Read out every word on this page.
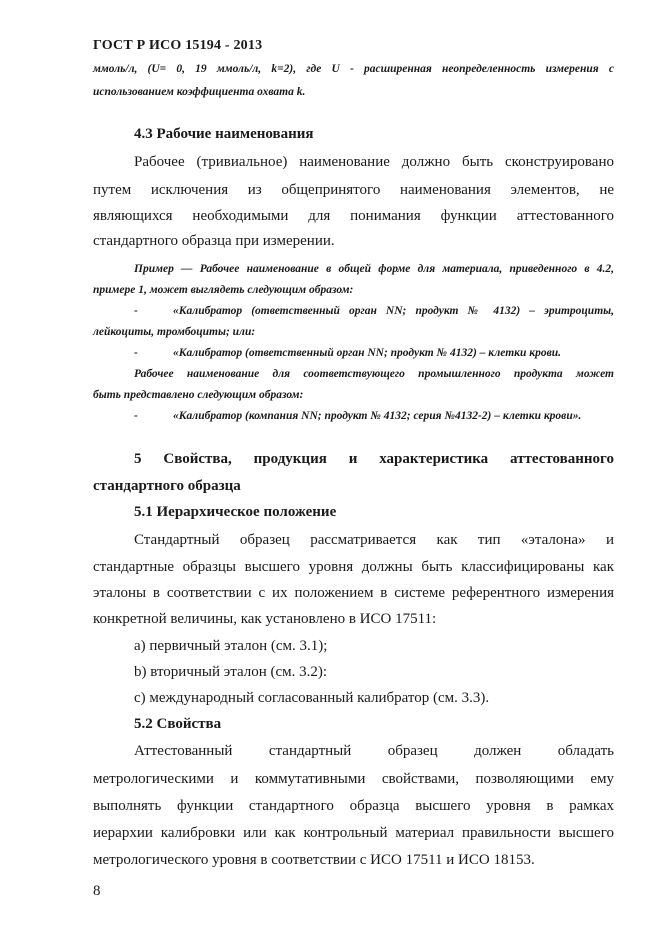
ГОСТ Р ИСО 15194 - 2013
ммоль/л, (U= 0, 19 ммоль/л, k=2), где U - расширенная неопределенность измерения с
использованием коэффициента охвата k.
4.3 Рабочие наименования
Рабочее (тривиальное) наименование должно быть сконструировано
путем исключения из общепринятого наименования элементов, не
являющихся необходимыми для понимания функции аттестованного
стандартного образца при измерении.
Пример — Рабочее наименование в общей форме для материала, приведенного в 4.2,
примере 1, может выглядеть следующим образом:
-	«Калибратор (ответственный орган NN; продукт № 4132) – эритроциты,
лейкоциты, тромбоциты; или:
-	«Калибратор (ответственный орган NN; продукт № 4132) – клетки крови.
Рабочее наименование для соответствующего промышленного продукта может
быть представлено следующим образом:
-	«Калибратор (компания NN; продукт № 4132; серия №4132-2) – клетки крови».
5 Свойства, продукция и характеристика аттестованного
стандартного образца
5.1 Иерархическое положение
Стандартный образец рассматривается как тип «эталона» и
стандартные образцы высшего уровня должны быть классифицированы как
эталоны в соответствии с их положением в системе референтного измерения
конкретной величины, как установлено в ИСО 17511:
а) первичный эталон (см. 3.1);
b) вторичный эталон (см. 3.2):
с) международный согласованный калибратор (см. 3.3).
5.2 Свойства
Аттестованный стандартный образец должен обладать
метрологическими и коммутативными свойствами, позволяющими ему
выполнять функции стандартного образца высшего уровня в рамках
иерархии калибровки или как контрольный материал правильности высшего
метрологического уровня в соответствии с ИСО 17511 и ИСО 18153.
8
